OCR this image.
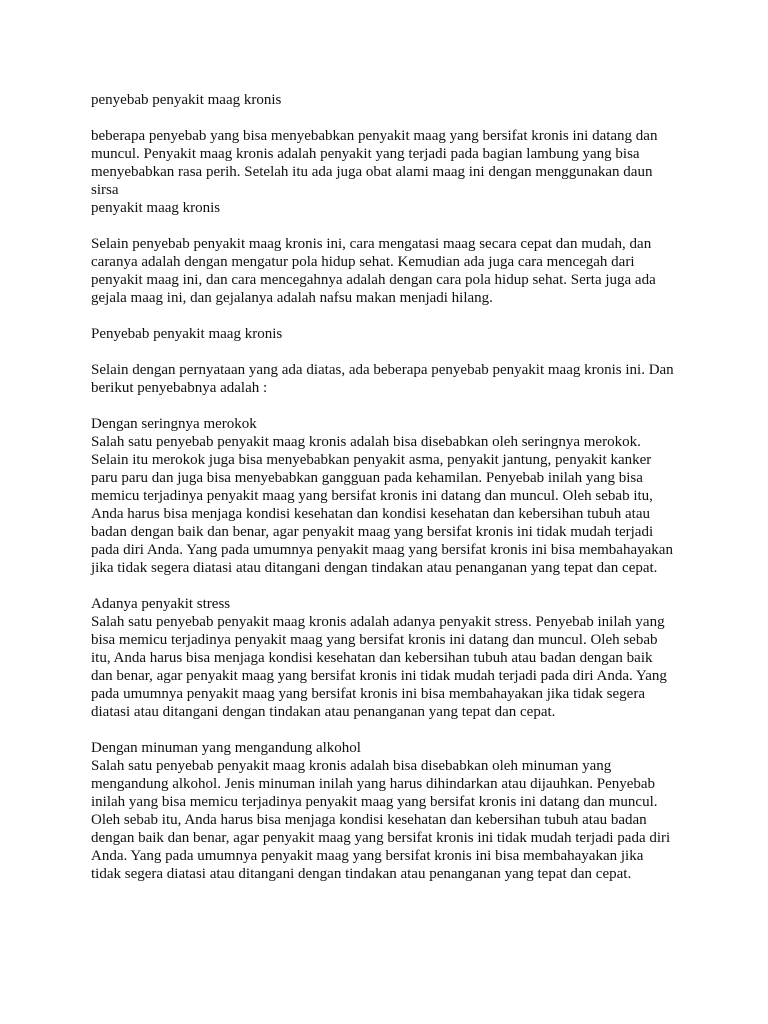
penyebab penyakit maag kronis
beberapa penyebab yang bisa menyebabkan penyakit maag yang bersifat kronis ini datang dan
muncul. Penyakit maag kronis adalah penyakit yang terjadi pada bagian lambung yang bisa
menyebabkan rasa perih. Setelah itu ada juga obat alami maag ini dengan menggunakan daun
sirsa
penyakit maag kronis
Selain penyebab penyakit maag kronis ini, cara mengatasi maag secara cepat dan mudah, dan
caranya adalah dengan mengatur pola hidup sehat. Kemudian ada juga cara mencegah dari
penyakit maag ini, dan cara mencegahnya adalah dengan cara pola hidup sehat. Serta juga ada
gejala maag ini, dan gejalanya adalah nafsu makan menjadi hilang.
Penyebab penyakit maag kronis
Selain dengan pernyataan yang ada diatas, ada beberapa penyebab penyakit maag kronis ini. Dan
berikut penyebabnya adalah :
Dengan seringnya merokok
Salah satu penyebab penyakit maag kronis adalah bisa disebabkan oleh seringnya merokok.
Selain itu merokok juga bisa menyebabkan penyakit asma, penyakit jantung, penyakit kanker
paru paru dan juga bisa menyebabkan gangguan pada kehamilan. Penyebab inilah yang bisa
memicu terjadinya penyakit maag yang bersifat kronis ini datang dan muncul. Oleh sebab itu,
Anda harus bisa menjaga kondisi kesehatan dan kondisi kesehatan dan kebersihan tubuh atau
badan dengan baik dan benar, agar penyakit maag yang bersifat kronis ini tidak mudah terjadi
pada diri Anda. Yang pada umumnya penyakit maag yang bersifat kronis ini bisa membahayakan
jika tidak segera diatasi atau ditangani dengan tindakan atau penanganan yang tepat dan cepat.
Adanya penyakit stress
Salah satu penyebab penyakit maag kronis adalah adanya penyakit stress. Penyebab inilah yang
bisa memicu terjadinya penyakit maag yang bersifat kronis ini datang dan muncul. Oleh sebab
itu, Anda harus bisa menjaga kondisi kesehatan dan kebersihan tubuh atau badan dengan baik
dan benar, agar penyakit maag yang bersifat kronis ini tidak mudah terjadi pada diri Anda. Yang
pada umumnya penyakit maag yang bersifat kronis ini bisa membahayakan jika tidak segera
diatasi atau ditangani dengan tindakan atau penanganan yang tepat dan cepat.
Dengan minuman yang mengandung alkohol
Salah satu penyebab penyakit maag kronis adalah bisa disebabkan oleh minuman yang
mengandung alkohol. Jenis minuman inilah yang harus dihindarkan atau dijauhkan. Penyebab
inilah yang bisa memicu terjadinya penyakit maag yang bersifat kronis ini datang dan muncul.
Oleh sebab itu, Anda harus bisa menjaga kondisi kesehatan dan kebersihan tubuh atau badan
dengan baik dan benar, agar penyakit maag yang bersifat kronis ini tidak mudah terjadi pada diri
Anda. Yang pada umumnya penyakit maag yang bersifat kronis ini bisa membahayakan jika
tidak segera diatasi atau ditangani dengan tindakan atau penanganan yang tepat dan cepat.
